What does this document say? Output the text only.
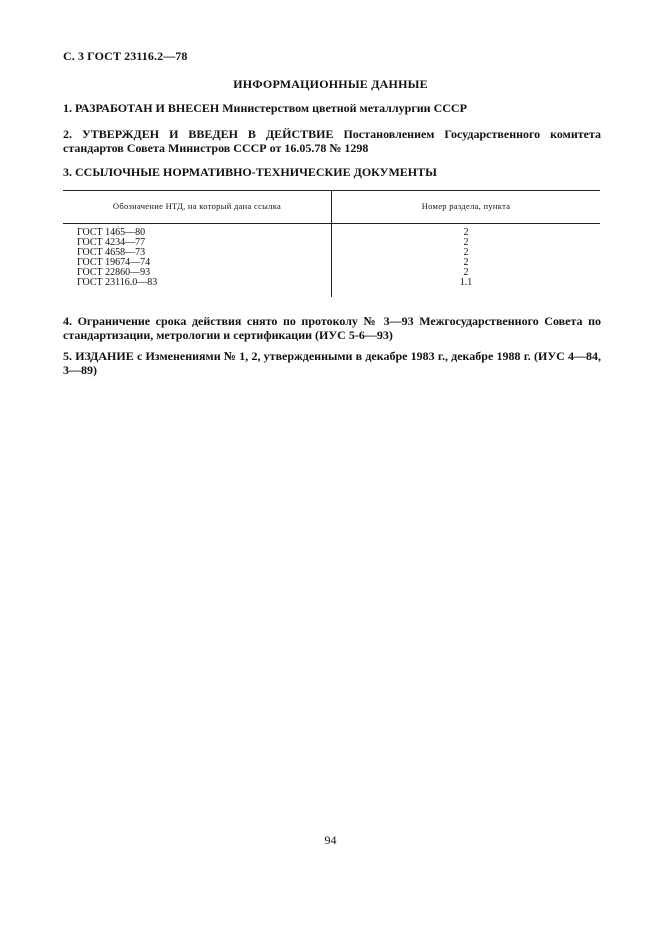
С. 3 ГОСТ 23116.2—78
ИНФОРМАЦИОННЫЕ ДАННЫЕ
1. РАЗРАБОТАН И ВНЕСЕН Министерством цветной металлургии СССР
2. УТВЕРЖДЕН И ВВЕДЕН В ДЕЙСТВИЕ Постановлением Государственного комитета стандартов Совета Министров СССР от 16.05.78 № 1298
3. ССЫЛОЧНЫЕ НОРМАТИВНО-ТЕХНИЧЕСКИЕ ДОКУМЕНТЫ
Обозначение НТД, на который дана ссылка	Номер раздела, пункта
ГОСТ 1465—80
ГОСТ 4234—77
ГОСТ 4658—73
ГОСТ 19674—74
ГОСТ 22860—93
ГОСТ 23116.0—83
2
2
2
2
2
1.1
4. Ограничение срока действия снято по протоколу № 3—93 Межгосударственного Совета по стандартизации, метрологии и сертификации (ИУС 5-6—93)
5. ИЗДАНИЕ с Изменениями № 1, 2, утвержденными в декабре 1983 г., декабре 1988 г. (ИУС 4—84, 3—89)
94
